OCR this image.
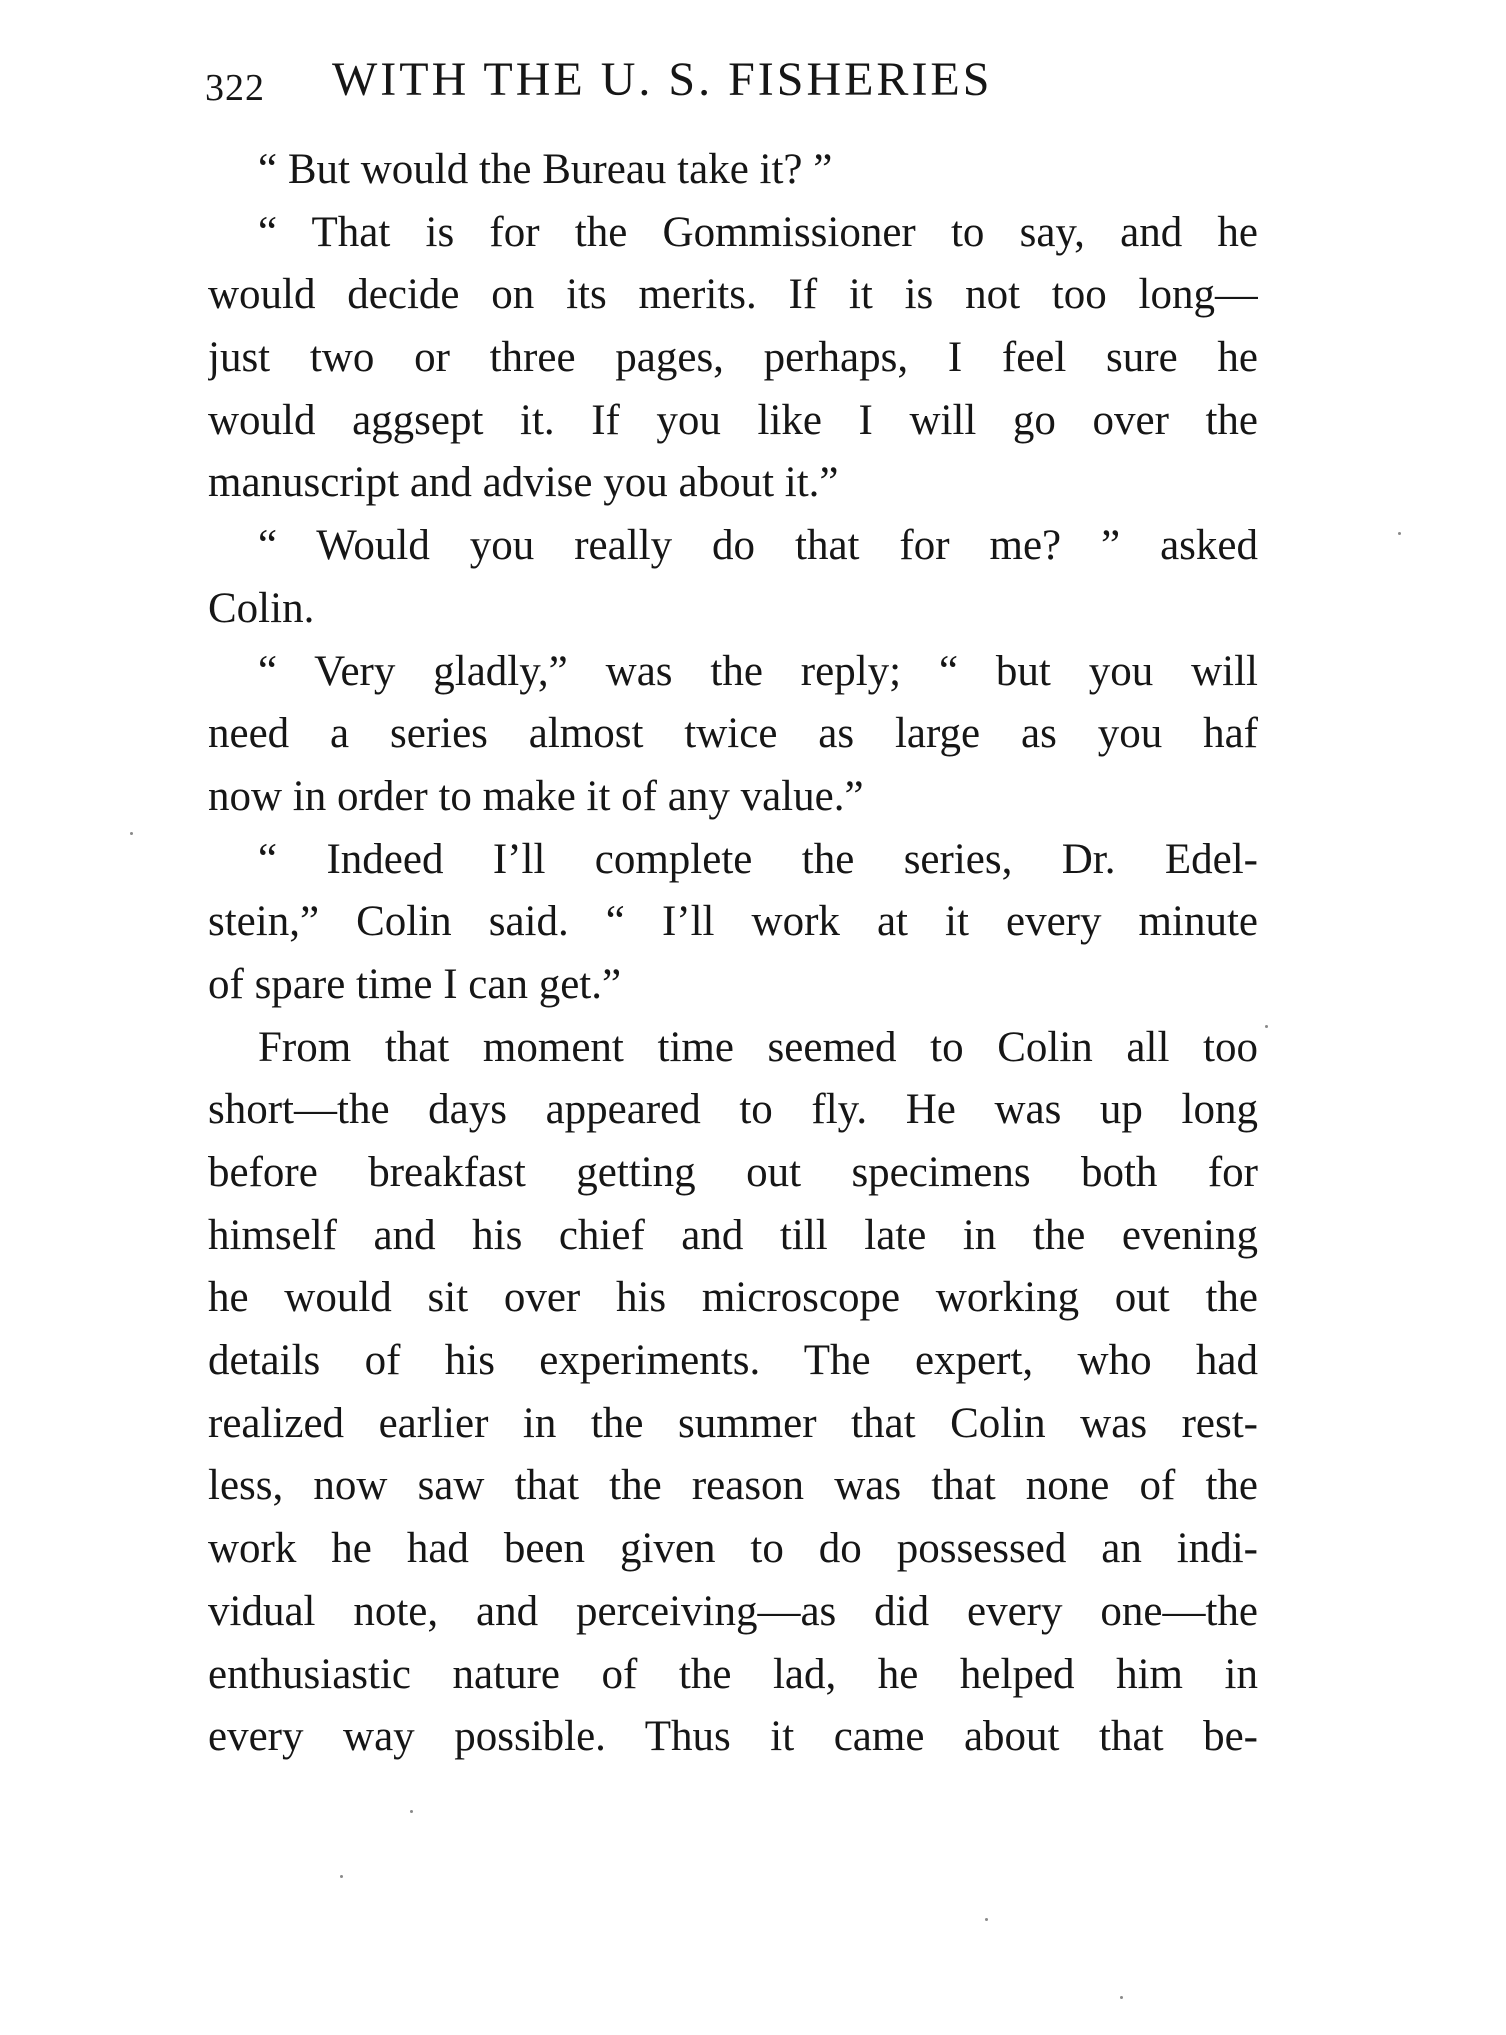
322 WITH THE U. S. FISHERIES
“ But would the Bureau take it? ”
“ That is for the Gommissioner to say, and he
would decide on its merits. If it is not too long—
just two or three pages, perhaps, I feel sure he
would aggsept it. If you like I will go over the
manuscript and advise you about it.”
“ Would you really do that for me? ” asked
Colin.
“ Very gladly,” was the reply; “ but you will
need a series almost twice as large as you haf
now in order to make it of any value.”
“ Indeed I’ll complete the series, Dr. Edel-
stein,” Colin said. “ I’ll work at it every minute
of spare time I can get.”
From that moment time seemed to Colin all too
short—the days appeared to fly. He was up long
before breakfast getting out specimens both for
himself and his chief and till late in the evening
he would sit over his microscope working out the
details of his experiments. The expert, who had
realized earlier in the summer that Colin was rest-
less, now saw that the reason was that none of the
work he had been given to do possessed an indi-
vidual note, and perceiving—as did every one—the
enthusiastic nature of the lad, he helped him in
every way possible. Thus it came about that be-
